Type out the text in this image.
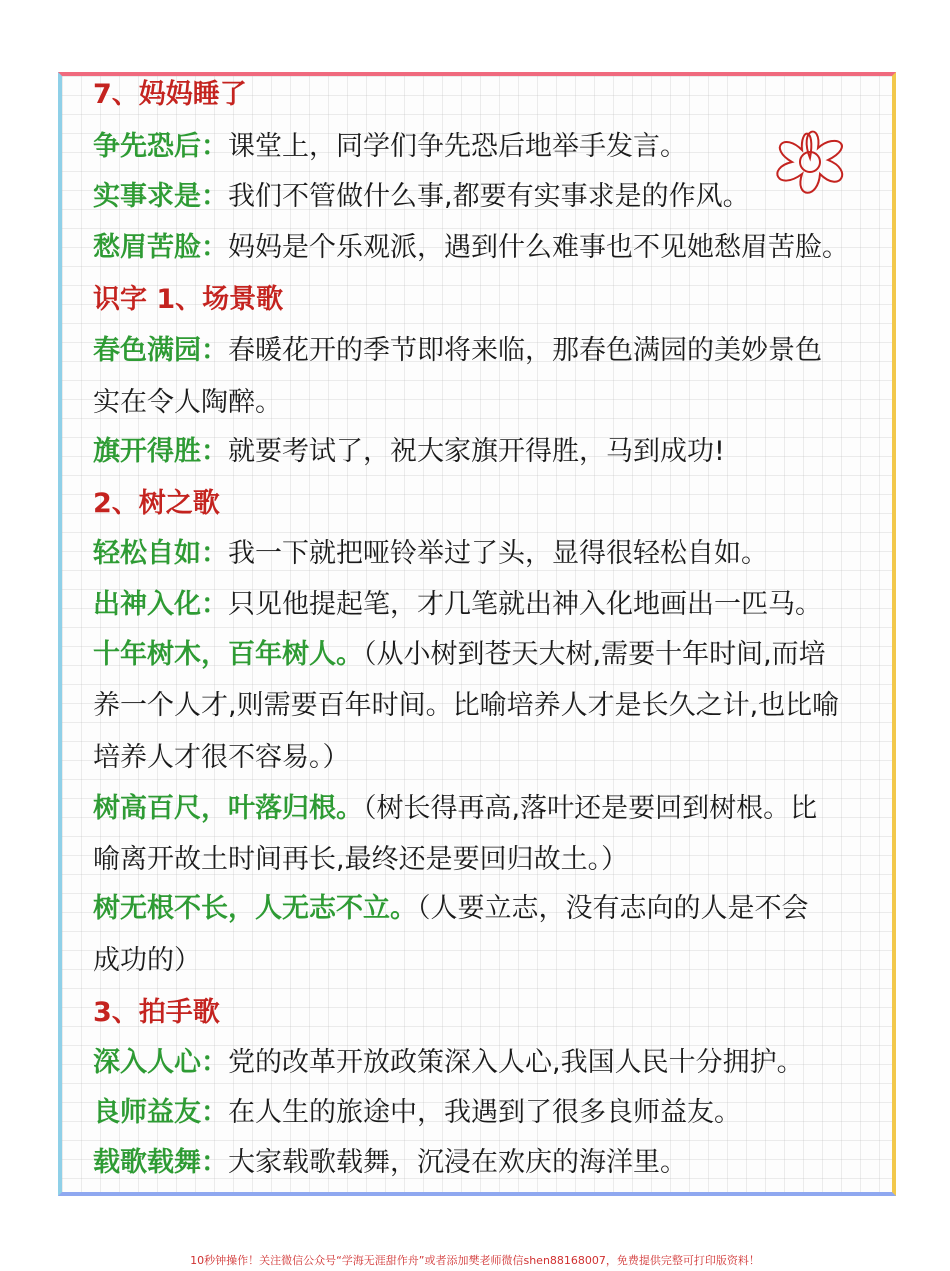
7、妈妈睡了
争先恐后：课堂上，同学们争先恐后地举手发言。
实事求是：我们不管做什么事,都要有实事求是的作风。
愁眉苦脸：妈妈是个乐观派，遇到什么难事也不见她愁眉苦脸。
识字 1、场景歌
春色满园：春暖花开的季节即将来临，那春色满园的美妙景色
实在令人陶醉。
旗开得胜：就要考试了，祝大家旗开得胜，马到成功!
2、树之歌
轻松自如：我一下就把哑铃举过了头，显得很轻松自如。
出神入化：只见他提起笔，才几笔就出神入化地画出一匹马。
十年树木，百年树人。（从小树到苍天大树,需要十年时间,而培
养一个人才,则需要百年时间。比喻培养人才是长久之计,也比喻
培养人才很不容易。）
树高百尺，叶落归根。（树长得再高,落叶还是要回到树根。比
喻离开故土时间再长,最终还是要回归故土。）
树无根不长，人无志不立。（人要立志，没有志向的人是不会
成功的）
3、拍手歌
深入人心：党的改革开放政策深入人心,我国人民十分拥护。
良师益友：在人生的旅途中，我遇到了很多良师益友。
载歌载舞：大家载歌载舞，沉浸在欢庆的海洋里。
10秒钟操作！关注微信公众号“学海无涯甜作舟”或者添加樊老师微信shen88168007，免费提供完整可打印版资料！
